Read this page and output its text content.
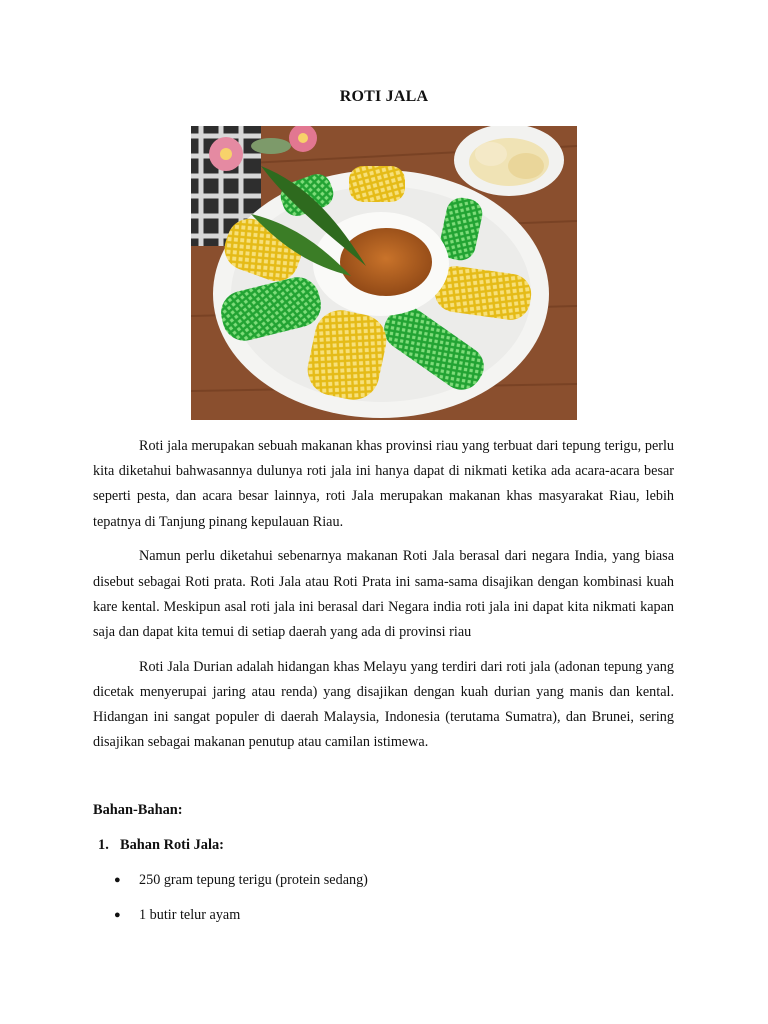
ROTI JALA

Roti jala merupakan sebuah makanan khas provinsi riau yang terbuat dari tepung terigu, perlu kita diketahui bahwasannya dulunya roti jala ini hanya dapat di nikmati ketika ada acara-acara besar seperti pesta, dan acara besar lainnya, roti Jala merupakan makanan khas masyarakat Riau, lebih tepatnya di Tanjung pinang kepulauan Riau.

Namun perlu diketahui sebenarnya makanan Roti Jala berasal dari negara India, yang biasa disebut sebagai Roti prata. Roti Jala atau Roti Prata ini sama-sama disajikan dengan kombinasi kuah kare kental. Meskipun asal roti jala ini berasal dari Negara india roti jala ini dapat kita nikmati kapan saja dan dapat kita temui di setiap daerah yang ada di provinsi riau

Roti Jala Durian adalah hidangan khas Melayu yang terdiri dari roti jala (adonan tepung yang dicetak menyerupai jaring atau renda) yang disajikan dengan kuah durian yang manis dan kental. Hidangan ini sangat populer di daerah Malaysia, Indonesia (terutama Sumatra), dan Brunei, sering disajikan sebagai makanan penutup atau camilan istimewa.

Bahan-Bahan:
1. Bahan Roti Jala:
● 250 gram tepung terigu (protein sedang)
● 1 butir telur ayam
